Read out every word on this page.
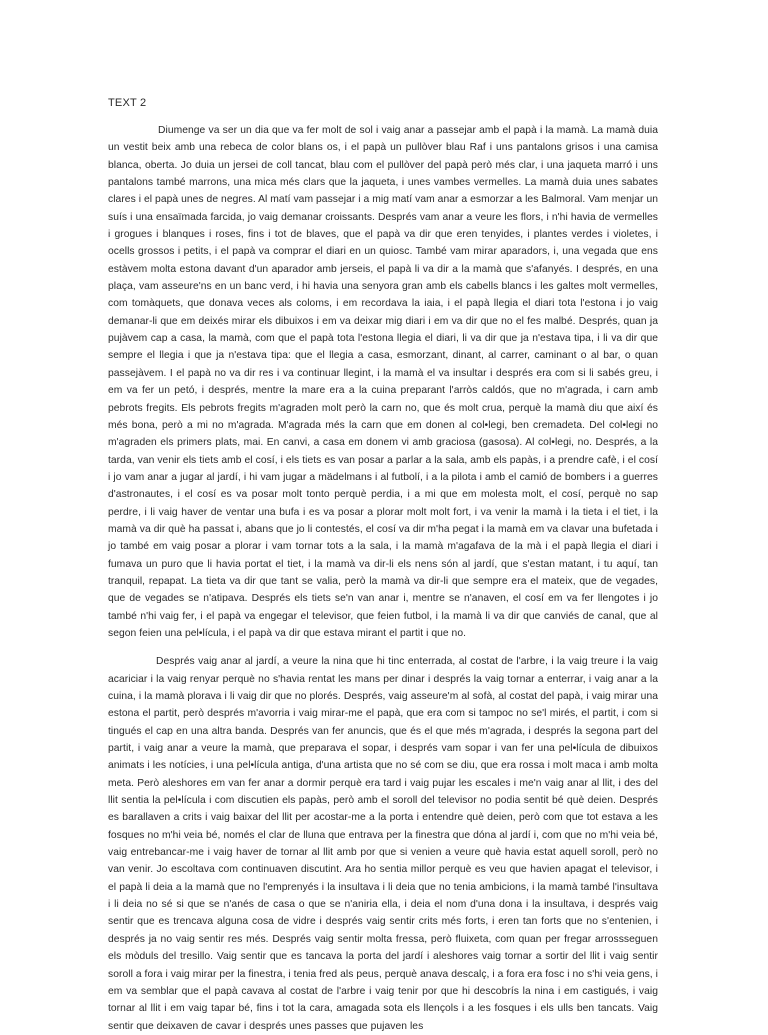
TEXT 2

Diumenge va ser un dia que va fer molt de sol i vaig anar a passejar amb el papà i la mamà. La mamà duia un vestit beix amb una rebeca de color blans os, i el papà un pullòver blau Raf i uns pantalons grisos i una camisa blanca, oberta. Jo duia un jersei de coll tancat, blau com el pullòver del papà però més clar, i una jaqueta marró i uns pantalons també marrons, una mica més clars que la jaqueta, i unes vambes vermelles. La mamà duia unes sabates clares i el papà unes de negres. Al matí vam passejar i a mig matí vam anar a esmorzar a les Balmoral. Vam menjar un suís i una ensaïmada farcida, jo vaig demanar croissants. Després vam anar a veure les flors, i n'hi havia de vermelles i grogues i blanques i roses, fins i tot de blaves, que el papà va dir que eren tenyides, i plantes verdes i violetes, i ocells grossos i petits, i el papà va comprar el diari en un quiosc. També vam mirar aparadors, i, una vegada que ens estàvem molta estona davant d'un aparador amb jerseis, el papà li va dir a la mamà que s'afanyés. I després, en una plaça, vam asseure'ns en un banc verd, i hi havia una senyora gran amb els cabells blancs i les galtes molt vermelles, com tomàquets, que donava veces als coloms, i em recordava la iaia, i el papà llegia el diari tota l'estona i jo vaig demanar-li que em deixés mirar els dibuixos i em va deixar mig diari i em va dir que no el fes malbé. Després, quan ja pujàvem cap a casa, la mamà, com que el papà tota l'estona llegia el diari, li va dir que ja n'estava tipa, i li va dir que sempre el llegia i que ja n'estava tipa: que el llegia a casa, esmorzant, dinant, al carrer, caminant o al bar, o quan passejàvem. I el papà no va dir res i va continuar llegint, i la mamà el va insultar i després era com si li sabés greu, i em va fer un petó, i després, mentre la mare era a la cuina preparant l'arròs caldós, que no m'agrada, i carn amb pebrots fregits. Els pebrots fregits m'agraden molt però la carn no, que és molt crua, perquè la mamà diu que així és més bona, però a mi no m'agrada. M'agrada més la carn que em donen al col•legi, ben cremadeta. Del col•legi no m'agraden els primers plats, mai. En canvi, a casa em donem vi amb graciosa (gasosa). Al col•legi, no. Després, a la tarda, van venir els tiets amb el cosí, i els tiets es van posar a parlar a la sala, amb els papàs, i a prendre cafè, i el cosí i jo vam anar a jugar al jardí, i hi vam jugar a mädelmans i al futbolí, i a la pilota i amb el camió de bombers i a guerres d'astronautes, i el cosí es va posar molt tonto perquè perdia, i a mi que em molesta molt, el cosí, perquè no sap perdre, i li vaig haver de ventar una bufa i es va posar a plorar molt molt fort, i va venir la mamà i la tieta i el tiet, i la mamà va dir què ha passat i, abans que jo li contestés, el cosí va dir m'ha pegat i la mamà em va clavar una bufetada i jo també em vaig posar a plorar i vam tornar tots a la sala, i la mamà m'agafava de la mà i el papà llegia el diari i fumava un puro que li havia portat el tiet, i la mamà va dir-li els nens són al jardí, que s'estan matant, i tu aquí, tan tranquil, repapat. La tieta va dir que tant se valia, però la mamà va dir-li que sempre era el mateix, que de vegades, que de vegades se n'atipava. Després els tiets se'n van anar i, mentre se n'anaven, el cosí em va fer llengotes i jo també n'hi vaig fer, i el papà va engegar el televisor, que feien futbol, i la mamà li va dir que canviés de canal, que al segon feien una pel•lícula, i el papà va dir que estava mirant el partit i que no.

Després vaig anar al jardí, a veure la nina que hi tinc enterrada, al costat de l'arbre, i la vaig treure i la vaig acariciar i la vaig renyar perquè no s'havia rentat les mans per dinar i després la vaig tornar a enterrar, i vaig anar a la cuina, i la mamà plorava i li vaig dir que no plorés. Després, vaig asseure'm al sofà, al costat del papà, i vaig mirar una estona el partit, però després m'avorria i vaig mirar-me el papà, que era com si tampoc no se'l mirés, el partit, i com si tingués el cap en una altra banda. Després van fer anuncis, que és el que més m'agrada, i després la segona part del partit, i vaig anar a veure la mamà, que preparava el sopar, i després vam sopar i van fer una pel•lícula de dibuixos animats i les notícies, i una pel•lícula antiga, d'una artista que no sé com se diu, que era rossa i molt maca i amb molta meta. Però aleshores em van fer anar a dormir perquè era tard i vaig pujar les escales i me'n vaig anar al llit, i des del llit sentia la pel•lícula i com discutien els papàs, però amb el soroll del televisor no podia sentit bé què deien. Després es barallaven a crits i vaig baixar del llit per acostar-me a la porta i entendre què deien, però com que tot estava a les fosques no m'hi veia bé, només el clar de lluna que entrava per la finestra que dóna al jardí i, com que no m'hi veia bé, vaig entrebancar-me i vaig haver de tornar al llit amb por que si venien a veure què havia estat aquell soroll, però no van venir. Jo escoltava com continuaven discutint. Ara ho sentia millor perquè es veu que havien apagat el televisor, i el papà li deia a la mamà que no l'emprenyés i la insultava i li deia que no tenia ambicions, i la mamà també l'insultava i li deia no sé si que se n'anés de casa o que se n'aniria ella, i deia el nom d'una dona i la insultava, i després vaig sentir que es trencava alguna cosa de vidre i després vaig sentir crits més forts, i eren tan forts que no s'entenien, i després ja no vaig sentir res més. Després vaig sentir molta fressa, però fluixeta, com quan per fregar arrossseguen els mòduls del tresillo. Vaig sentir que es tancava la porta del jardí i aleshores vaig tornar a sortir del llit i vaig sentir soroll a fora i vaig mirar per la finestra, i tenia fred als peus, perquè anava descalç, i a fora era fosc i no s'hi veia gens, i em va semblar que el papà cavava al costat de l'arbre i vaig tenir por que hi descobrís la nina i em castigués, i vaig tornar al llit i em vaig tapar bé, fins i tot la cara, amagada sota els llençols i a les fosques i els ulls ben tancats. Vaig sentir que deixaven de cavar i després unes passes que pujaven les
